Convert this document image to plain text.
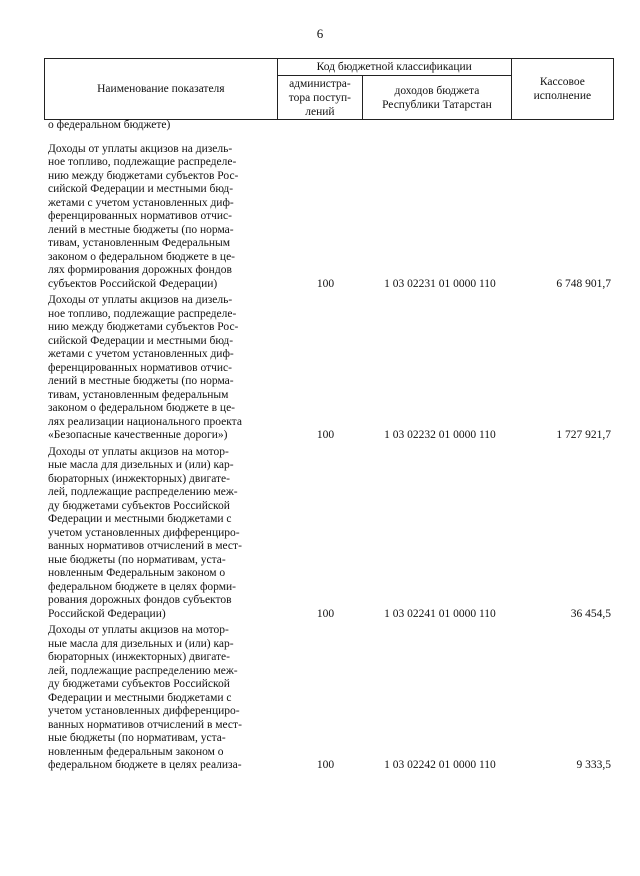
6
Наименование показателя	Код бюджетной классификации		Кассовое
исполнение
	администра-
тора поступ-
лений	доходов бюджета
Республики Татарстан	
о федеральном бюджете)
Доходы от уплаты акцизов на дизель-
ное топливо, подлежащие распределе-
нию между бюджетами субъектов Рос-
сийской Федерации и местными бюд-
жетами с учетом установленных диф-
ференцированных нормативов отчис-
лений в местные бюджеты (по норма-
тивам, установленным Федеральным
законом о федеральном бюджете в це-
лях формирования дорожных фондов
субъектов Российской Федерации)	100	1 03 02231 01 0000 110	6 748 901,7
Доходы от уплаты акцизов на дизель-
ное топливо, подлежащие распределе-
нию между бюджетами субъектов Рос-
сийской Федерации и местными бюд-
жетами с учетом установленных диф-
ференцированных нормативов отчис-
лений в местные бюджеты (по норма-
тивам, установленным федеральным
законом о федеральном бюджете в це-
лях реализации национального проекта
«Безопасные качественные дороги»)	100	1 03 02232 01 0000 110	1 727 921,7
Доходы от уплаты акцизов на мотор-
ные масла для дизельных и (или) кар-
бюраторных (инжекторных) двигате-
лей, подлежащие распределению меж-
ду бюджетами субъектов Российской
Федерации и местными бюджетами с
учетом установленных дифференциро-
ванных нормативов отчислений в мест-
ные бюджеты (по нормативам, уста-
новленным Федеральным законом о
федеральном бюджете в целях форми-
рования дорожных фондов субъектов
Российской Федерации)	100	1 03 02241 01 0000 110	36 454,5
Доходы от уплаты акцизов на мотор-
ные масла для дизельных и (или) кар-
бюраторных (инжекторных) двигате-
лей, подлежащие распределению меж-
ду бюджетами субъектов Российской
Федерации и местными бюджетами с
учетом установленных дифференциро-
ванных нормативов отчислений в мест-
ные бюджеты (по нормативам, уста-
новленным федеральным законом о
федеральном бюджете в целях реализа-	100	1 03 02242 01 0000 110	9 333,5
